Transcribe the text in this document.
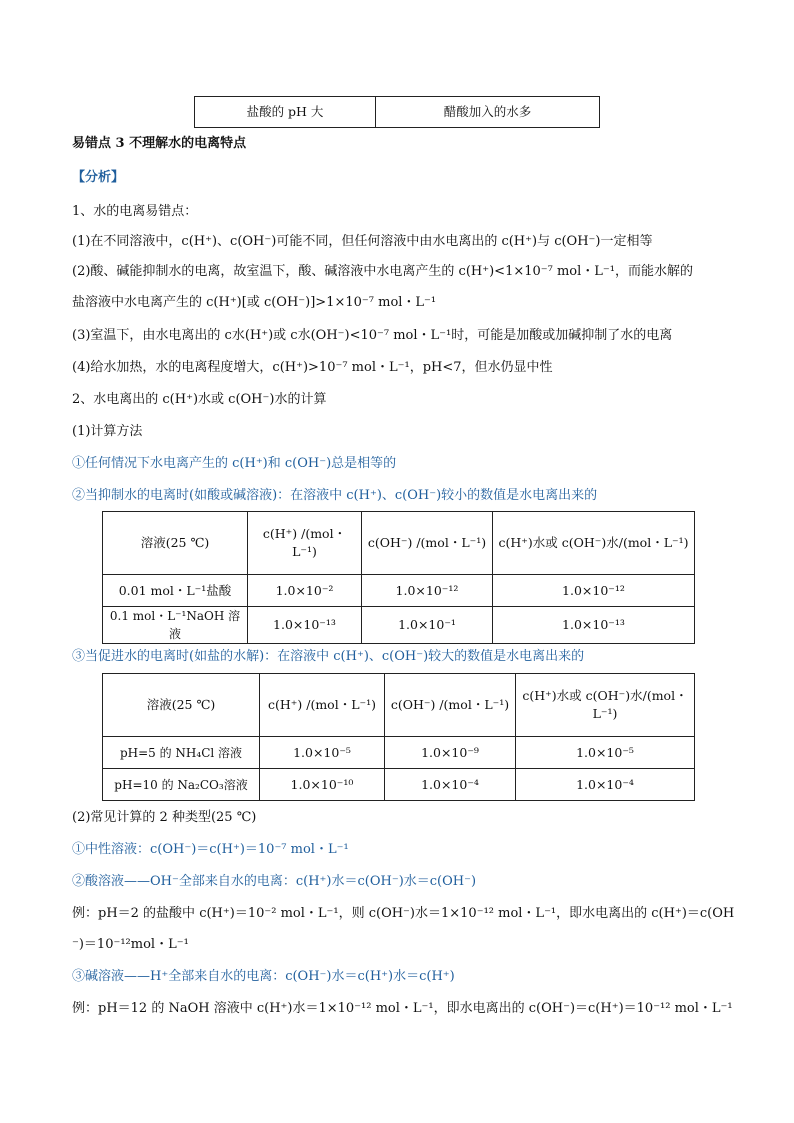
盐酸的 pH 大	醋酸加入的水多
易错点 3 不理解水的电离特点
【分析】
1、水的电离易错点：
(1)在不同溶液中，c(H⁺)、c(OH⁻)可能不同，但任何溶液中由水电离出的 c(H⁺)与 c(OH⁻)一定相等
(2)酸、碱能抑制水的电离，故室温下，酸、碱溶液中水电离产生的 c(H⁺)<1×10⁻⁷ mol・L⁻¹，而能水解的
盐溶液中水电离产生的 c(H⁺)[或 c(OH⁻)]>1×10⁻⁷ mol・L⁻¹
(3)室温下，由水电离出的 c水(H⁺)或 c水(OH⁻)<10⁻⁷ mol・L⁻¹时，可能是加酸或加碱抑制了水的电离
(4)给水加热，水的电离程度增大，c(H⁺)>10⁻⁷ mol・L⁻¹，pH<7，但水仍显中性
2、水电离出的 c(H⁺)水或 c(OH⁻)水的计算
(1)计算方法
①任何情况下水电离产生的 c(H⁺)和 c(OH⁻)总是相等的
②当抑制水的电离时(如酸或碱溶液)：在溶液中 c(H⁺)、c(OH⁻)较小的数值是水电离出来的
溶液(25 ℃)	c(H⁺) /(mol・L⁻¹)	c(OH⁻) /(mol・L⁻¹)	c(H⁺)水或 c(OH⁻)水/(mol・L⁻¹)
0.01 mol・L⁻¹盐酸	1.0×10⁻²	1.0×10⁻¹²	1.0×10⁻¹²
0.1 mol・L⁻¹NaOH 溶液	1.0×10⁻¹³	1.0×10⁻¹	1.0×10⁻¹³
③当促进水的电离时(如盐的水解)：在溶液中 c(H⁺)、c(OH⁻)较大的数值是水电离出来的
溶液(25 ℃)	c(H⁺) /(mol・L⁻¹)	c(OH⁻) /(mol・L⁻¹)	c(H⁺)水或 c(OH⁻)水/(mol・L⁻¹)
pH=5 的 NH₄Cl 溶液	1.0×10⁻⁵	1.0×10⁻⁹	1.0×10⁻⁵
pH=10 的 Na₂CO₃溶液	1.0×10⁻¹⁰	1.0×10⁻⁴	1.0×10⁻⁴
(2)常见计算的 2 种类型(25 ℃)
①中性溶液：c(OH⁻)＝c(H⁺)＝10⁻⁷ mol・L⁻¹
②酸溶液——OH⁻全部来自水的电离：c(H⁺)水＝c(OH⁻)水＝c(OH⁻)
例：pH＝2 的盐酸中 c(H⁺)＝10⁻² mol・L⁻¹，则 c(OH⁻)水＝1×10⁻¹² mol・L⁻¹，即水电离出的 c(H⁺)＝c(OH
⁻)＝10⁻¹²mol・L⁻¹
③碱溶液——H⁺全部来自水的电离：c(OH⁻)水＝c(H⁺)水＝c(H⁺)
例：pH＝12 的 NaOH 溶液中 c(H⁺)水＝1×10⁻¹² mol・L⁻¹，即水电离出的 c(OH⁻)＝c(H⁺)＝10⁻¹² mol・L⁻¹
